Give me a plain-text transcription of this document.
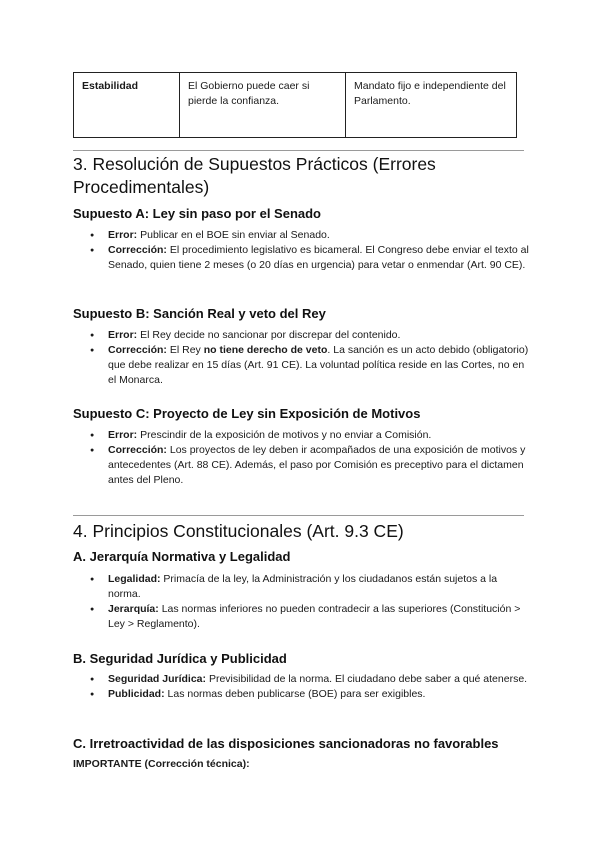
Estabilidad	El Gobierno puede caer si pierde la confianza.
Mandato fijo e independiente del Parlamento.
3. Resolución de Supuestos Prácticos (Errores Procedimentales)
Supuesto A: Ley sin paso por el Senado
● Error: Publicar en el BOE sin enviar al Senado.
● Corrección: El procedimiento legislativo es bicameral. El Congreso debe enviar el texto al Senado, quien tiene 2 meses (o 20 días en urgencia) para vetar o enmendar (Art. 90 CE).
Supuesto B: Sanción Real y veto del Rey
● Error: El Rey decide no sancionar por discrepar del contenido.
● Corrección: El Rey no tiene derecho de veto. La sanción es un acto debido (obligatorio) que debe realizar en 15 días (Art. 91 CE). La voluntad política reside en las Cortes, no en el Monarca.
Supuesto C: Proyecto de Ley sin Exposición de Motivos
● Error: Prescindir de la exposición de motivos y no enviar a Comisión.
● Corrección: Los proyectos de ley deben ir acompañados de una exposición de motivos y antecedentes (Art. 88 CE). Además, el paso por Comisión es preceptivo para el dictamen antes del Pleno.
4. Principios Constitucionales (Art. 9.3 CE)
A. Jerarquía Normativa y Legalidad
● Legalidad: Primacía de la ley, la Administración y los ciudadanos están sujetos a la norma.
● Jerarquía: Las normas inferiores no pueden contradecir a las superiores (Constitución > Ley > Reglamento).
B. Seguridad Jurídica y Publicidad
● Seguridad Jurídica: Previsibilidad de la norma. El ciudadano debe saber a qué atenerse.
● Publicidad: Las normas deben publicarse (BOE) para ser exigibles.
C. Irretroactividad de las disposiciones sancionadoras no favorables
IMPORTANTE (Corrección técnica):
